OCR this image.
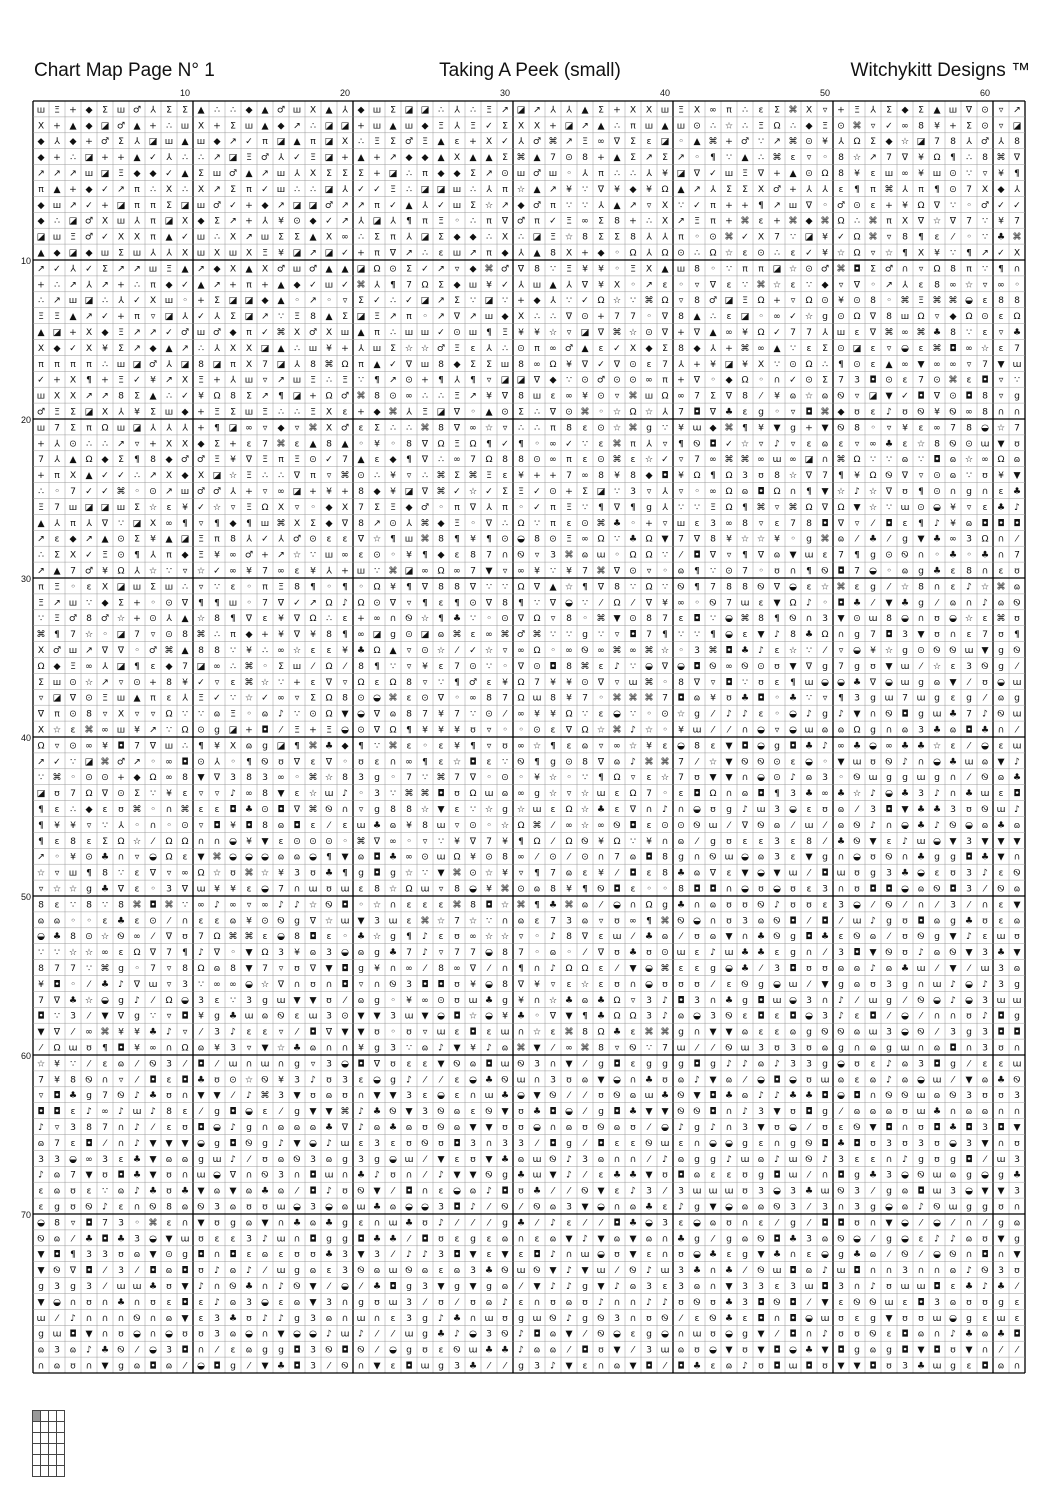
Chart Map Page N° 1	Taking A Peek (small)	Witchykitt Designs ™
ш Ξ + ◆ Σ ш ♂ ⅄ Σ Σ ▲ ∴ ∴ ◆ ▲ ♂ ш Χ ▲ ⅄ ◆ ш Σ ◪ ◪ ∴ ⅄ ∴ Ξ ↗ ◪ ↗ ⅄ ⅄ ▲ Σ + Χ Χ ш Ξ Χ ∞ π ∴ ɛ Σ ⌘ Χ ▿ + Ξ ⅄ Σ ◆ Σ ▲ ш ∇ ⊙ ▿ ↗
Χ + ▲ ◆ ◪ ♂ ▲ + ∴ ш Χ + Σ ш ▲ ◆ ↗ ∴ ◪ ◪ + ш ▲ ш ◆ Ξ ⅄ Ξ ✓ Σ Χ Χ + ◪ ↗ ▲ ∴ π ш ▲ ш ⊙ ∴ ☆ ∴ Ξ Ω ∴ ◆ Ξ ⊙ ⌘ ▿ ✓ ∞ 8 ¥ + Σ ⊙ ▿ ◪
◆ ⅄ ◆ + ♂ Σ ⅄ ◪ ш ▲ ш ◆ ↗ ✓ π ◪ ▲ π ◪ Χ ∴ Ξ Σ ♂ Ξ ▲ ɛ + Χ ✓ ⅄ ♂ ⌘ ↗ Ξ ∞ ∇ Σ ɛ ◪ ◦ ▲ ⌘ + ♂ ∵ ↗ ⌘ ⊙ ¥ ⅄ Ω Σ ◆ ☆ ◪ 7 8 ⅄ ♂ ⅄ 8
◆ + ∴ ◪ + + ▲ ✓ ⅄ ∴ ∴ ↗ ◪ Ξ ♂ ⅄ ✓ Ξ ◪ + ▲ + ↗ ◆ ◆ ▲ Χ ▲ ▲ Σ ⌘ ▲ 7 ⊙ 8 + ▲ Σ ↗ Σ ↗ ◦ ¶ ∵ ▲ ∴ ⌘ ɛ ▿ ◦ 8 ☆ ↗ 7 ∇ ¥ Ω ¶ ∴ 8 ⌘ ∇
↗ ↗ ↗ ш ◪ Ξ ◆ ◆ ✓ ▲ Σ ш ♂ ▲ ↗ ш ⅄ Χ Σ Σ Σ + ◪ ∴ π ◆ ◆ Σ ↗ ⊙ ш ♂ ш ◦ ⅄ π ∴ ∴ ⅄ ¥ ◪ ∇ ✓ ш Ξ ∇ + ▲ ⊙ Ω 8 ¥ ɛ ш ∞ ¥ ш ⊙ ∵ ▿ ¥ ¶
π ▲ + ◆ ✓ ↗ π ∴ Χ ∴ Χ ↗ Σ π ✓ ш ∴ ∴ ◪ ⅄ ✓ ✓ Ξ ∴ ◪ ◪ ш ∴ ⅄ π ☆ ▲ ↗ ¥ ∵ ∇ ¥ ◆ ¥ Ω ▲ ↗ ⅄ Σ Σ Χ ♂ + ⅄ ⅄ ɛ ¶ π ⌘ ⅄ π ¶ ⊙ 7 Χ ◆ ⅄
◆ ш ↗ ✓ + ◪ π π Σ ◪ ш ♂ ✓ + ◆ ↗ ◪ ◪ ♂ ↗ ↗ π ✓ ▲ ⅄ ✓ ш Σ ☆ ↗ ◆ ♂ π ∵ ∵ ⅄ ▲ ↗ ▿ Χ ∵ ✓ π + + ¶ ↗ ш ∇ ◦ ♂ ⊙ ɛ + ¥ Ω ∇ ∵ ◦ ♂ ✓ ✓
◆ ∴ ◪ ♂ Χ ш ⅄ π ◪ Χ ◆ Σ ↗ + ⅄ ¥ ⊙ ◆ ✓ ↗ ⅄ ◪ ⅄ ¶ π Ξ ◦ ∴ π ∇ ♂ π ✓ Ξ ∞ Σ 8 + ∴ Χ ↗ Ξ π + ⌘ ɛ + ⌘ ◆ ⌘ Ω ∴ ⌘ π Χ ∇ ☆ ∇ 7 ∵ ¥ 7
◪ ш Ξ ♂ ✓ Χ Χ π ▲ ✓ ш ∴ Χ ↗ ш Σ Σ ▲ Χ ∞ ∴ Σ π ⅄ ◪ Σ ◆ ◆ ∴ Χ ∴ ◪ Ξ ☆ 8 Σ Σ 8 ⅄ ⅄ π ◦ ⊙ ⌘ ✓ Χ 7 ∵ ◪ ¥ ✓ Ω ⌘ ▿ 8 ¶ ɛ ⁄ ◦ ∵ ♣ ⌘
▲ ◆ ◪ ◆ ш Σ ш ⅄ ⅄ Χ ш Χ ш Χ Ξ ¥ ◪ ↗ ◪ ✓ + π ∇ ↗ ∴ ɛ ш ↗ π ◆ ⅄ ▲ 8 Χ + ◆ ◦ Ω ⅄ Ω ⊙ ∴ Ω ☆ ɛ ⊙ ∴ ɛ ✓ ¥ ☆ Ω ▿ ☆ ¶ Χ ¥ ∵ ¶ ↗ ✓ Χ
↗ ✓ ⅄ ✓ Σ ↗ ↗ ш Ξ ▲ ↗ ◆ Χ ▲ Χ ♂ ш ♂ ▲ ▲ ◪ Ω ⊙ Σ ✓ ↗ ▿ ◆ ⌘ ♂ ∇ 8 ∵ Ξ ¥ ¥ ◦ Ξ Χ ▲ ш 8 ◦ ∵ π π ◪ ☆ ⊙ ♂ ⌘ ◘ Σ ♂ ∩ ▿ Ω 8 π ∵ ¶ ∩
+ ∴ ↗ ⅄ ↗ + ∴ π ◆ ✓ ▲ ↗ + π + ▲ ◆ ✓ ш ✓ ⌘ ⅄ ¶ 7 Ω Σ ◆ ш ¥ ✓ ⅄ ш ▲ ⅄ ∇ ¥ Χ ◦ ↗ ɛ ◦ ▿ ∇ ɛ ∵ ⌘ ☆ ɛ ∵ ◆ ▿ ∇ ◦ ↗ ⅄ ɛ 8 ∞ ☆ ▿ ∞ ◦
∴ ↗ ш ◪ ∴ ⅄ ✓ Χ ш ◦ + Σ ◪ ◪ ◆ ▲ ◦ ↗ ◦ ▿ Σ ✓ ∴ ✓ ◪ ↗ Σ ∵ ◪ ∵ + ◆ ⅄ ∵ ✓ Ω ☆ ∵ ⌘ Ω ▿ 8 ♂ ◪ Ξ Ω + ▿ Ω ⊙ ¥ ⊙ 8 ◦ ⌘ Ξ ⌘ ⌘ ◒ ɛ 8 8
Ξ Ξ ▲ ↗ ✓ + π ▿ ◪ ⅄ ✓ ⅄ Σ ◪ ↗ ∵ Ξ 8 ▲ Σ ◪ Ξ ↗ π ◦ ↗ ∇ ↗ ш ◆ Χ ∴ ∴ ∇ ⊙ + 7 7 ◦ ∇ 8 ▲ ∴ ɛ ◪ ◦ ∞ ✓ ☆ g ⊙ Ω ∇ 8 ш Ω ▿ ◆ Ω ⊙ ɛ Ω
▲ ◪ + Χ ◆ Ξ ↗ ↗ ✓ ♂ ш ♂ ◆ π ✓ ⌘ Χ ♂ Χ ш ▲ π ∴ ш ш ✓ ⊙ ш ¶ Ξ ¥ ¥ ☆ ▿ ◪ ∇ ⌘ ☆ ⊙ ∇ + ∇ ▲ ∞ ¥ Ω ✓ 7 7 ⅄ ш ɛ ∇ ⌘ ∞ ⌘ ♣ 8 ∵ ε ▿ ♣
Χ ◆ ✓ Χ ¥ Σ ↗ ◆ ▲ ↗ ∴ ⅄ Χ Χ ◪ ▲ ∴ ш ¥ + ⅄ ш Σ ☆ ☆ ♂ Ξ ɛ ⅄ ∴ ⊙ π ∞ ♂ ▲ ɛ ✓ Χ ◆ Σ 8 ◆ ⅄ + ⌘ ∞ ▲ ∵ ɛ Σ ⊙ ◪ ɛ ▿ ◒ ɛ ⌘ ◘ ∞ ☆ ε 7
π π π π ∴ ш ◪ ♂ ⅄ ◪ 8 ◪ π Χ 7 ◪ ⅄ 8 ⌘ Ω π ▲ ✓ ∇ ш 8 ◆ Σ Σ ш 8 ∞ Ω ¥ ∇ ✓ ∇ ⊙ ɛ 7 ⅄ + ¥ ◪ ¥ Χ ∵ ⊙ Ω ∴ ¶ ⊙ ɛ ▲ ∞ ▼ ∞ ∞ ▿ 7 ▼ ɯ
✓ + Χ ¶ + Ξ ✓ ¥ ↗ Χ Ξ + ⅄ ш ▿ ↗ ш Ξ ∴ Ξ ∵ ¶ ↗ ⊙ + ¶ ⅄ ¶ ▿ ◪ ◪ ∇ ◆ ∵ ⊙ ♂ ⊙ ⊙ ∞ π + ∇ ◦ ◆ Ω ◦ ∩ ✓ ⊙ Σ 7 3 ◘ ⊙ ɛ 7 ⊙ ⌘ ɛ ◘ ▿ ∵
ш Χ Χ ↗ ↗ 8 Σ ▲ ∴ ✓ ¥ Ω 8 Σ ↗ ¶ ◪ + Ω ♂ ⌘ 8 ⊙ ∞ ∴ ∴ Ξ ↗ ¥ ∇ 8 ш ɛ ∞ ¥ ⊙ ▿ ⌘ ш Ω ∞ 7 Σ ∇ 8 ⁄ ¥ ɷ ☆ ɷ Ꮻ ▿ ◪ ▼ ✓ ◘ ∇ ⊙ ◘ 8 ▿ g
♂ Ξ Σ ◪ Χ ⅄ ¥ Σ ш ◆ + Ξ Σ ш Ξ ∴ ∴ Ξ Χ ɛ + ◆ ⌘ ⅄ Ξ ◪ ∇ ◦ ▲ ⊙ Σ ∴ ∇ ⊙ ⌘ ◦ ☆ Ω ☆ ⅄ 7 ◘ ∇ ♣ ɛ g ◦ ▿ ◘ ⌘ ◆ ʊ ɛ ♪ ʊ Ꮻ ¥ Ꮻ ∞ 8 ∩ ∩
ш 7 Σ π Ω ш ◪ ⅄ ⅄ ⅄ + ¶ ◪ ∞ ▿ ◆ ▿ ⌘ Χ ♂ ɛ Σ ∴ ∴ ⌘ 8 ∇ ∞ ☆ ▿ ∴ ∴ π 8 ɛ ⊙ ☆ ⌘ g ∵ ¥ ɯ ◆ ⌘ ¶ ¥ ▼ g + ▼ Ꮻ 8 ◦ ▿ ¥ ε ∞ 7 8 ◒ ☆ 7
+ ⅄ ⊙ ∴ ∴ ↗ ▿ + Χ Χ ◆ Σ + ɛ 7 ⌘ ɛ ▲ 8 ▲ ◦ ¥ ◦ 8 ∇ Ω Ξ Ω ¶ ✓ ¶ ◦ ∞ ✓ ∵ ɛ ⌘ π ⅄ ▿ ¶ Ꮻ ◘ ✓ ☆ ▿ ♪ ▿ ε ɷ ɛ ▿ ∞ ♣ ε ☆ 8 Ꮻ ⊙ ɯ ▼ ʊ
7 ⅄ ▲ Ω ◆ Σ ¶ 8 ◆ ♂ ♂ Ξ ¥ ∇ Ξ π Ξ ⊙ ✓ 7 ▲ ɛ ◆ ¶ ∇ ∴ ∞ 7 Ω 8 8 ⊙ ∞ π ɛ ⊙ ⌘ ɛ ☆ ✓ ▿ 7 ∞ ⌘ ⌘ ∞ ɯ ∞ ◪ ∩ ⌘ Ω ∵ ∵ ɷ ∵ ◘ ɷ ☆ ∞ Ω ɷ
+ π Χ ▲ ✓ ✓ ∴ ↗ Χ ◆ Χ ◪ ☆ Ξ ∴ ∴ ∇ π ▿ ⌘ ⊙ ∴ ¥ ▿ ∴ ⌘ Σ ⌘ Ξ ɛ ¥ + + 7 ∞ 8 ¥ 8 ◆ ◘ ¥ Ω ¶ Ω 3 ʊ 8 ☆ ∇ 7 ¶ ¥ Ω Ꮻ ∇ ▿ ⊙ ɷ ∵ ʊ ¥ ▼
∴ ◦ 7 ✓ ✓ ⌘ ◦ ⊙ ↗ ш ♂ ♂ ⅄ + ▿ ∞ ◪ + ¥ + 8 ◆ ¥ ◪ ∇ ⌘ ✓ ☆ ✓ Σ Ξ ✓ ⊙ + Σ ◪ ∵ 3 ▿ ⅄ ▿ ◦ ∞ Ω ɷ ◘ Ω ∩ ¶ ▼ ☆ ♪ ☆ ∇ ʊ ¶ ⊙ ∩ g ∩ ε ♣
Ξ 7 ш ◪ ◪ ш Σ ☆ ɛ ¥ ✓ ☆ ▿ Ξ Ω Χ ▿ ◦ ◆ Χ 7 Σ Ξ ◆ ♂ ◦ π ∇ ⅄ π ◦ ✓ π Ξ ∵ ¶ ∇ ¶ g ⅄ ∵ ∵ Ξ Ω ¶ ⌘ ▿ ⌘ Ω ∇ Ω ▼ ☆ ∵ ɯ ⊙ ◒ ¥ ▿ ε ♣ ♪
▲ ⅄ π ⅄ ∇ ∵ ◪ Χ ∞ ¶ ▿ ¶ ◆ ¶ ш ⌘ Χ Σ ◆ ∇ 8 ↗ ⊙ ⅄ ⌘ ◆ Ξ ◦ ∇ ∴ Ω ∵ π ε ⊙ ⌘ ♣ ◦ + ▿ ш ɛ 3 ∞ 8 ▿ ɛ 7 8 ◘ ∇ ▿ ⁄ ◘ ε ¶ ♪ ¥ ɷ ◘ ◘ ◘
↗ ɛ ◆ ↗ ▲ ⊙ Σ ¥ ▲ ◪ Ξ π 8 ⅄ ✓ ⅄ ♂ ⊙ ɛ ɛ ∇ ☆ ¶ ш ⌘ 8 ¶ ¥ ¶ ⊙ ◒ 8 ⊙ Ξ ∞ Ω ∵ ♣ Ω ▼ 7 ∇ 8 ¥ ☆ ☆ ¥ ◦ g ⌘ ɷ ⁄ ♣ ⁄ g ▼ ♣ ∞ 3 Ω ∩ ⁄
∴ Σ Χ ✓ Ξ ⊙ ¶ ⅄ π ◆ Ξ ¥ ∞ ♂ + ↗ ☆ ∵ ш ∞ ɛ ⊙ ◦ ¥ ¶ ◆ ɛ 8 7 ∩ Ꮻ ▿ 3 ⌘ ɷ ɯ ◦ Ω Ω ∵ ⁄ ◘ ∇ ▿ ¶ ∇ ɷ ▼ ɯ ɛ 7 ¶ g ⊙ Ꮻ ∩ ◦ ♣ ◦ ♣ ∩ 7
↗ ▲ 7 ♂ ¥ Ω ⅄ ☆ ∵ ▿ ☆ ✓ ∞ ¥ 7 ∞ ɛ ¥ ⅄ + ш ∵ ⌘ ◪ ∞ Ω ∞ 7 ▼ ▿ ∞ ¥ ∵ ¥ 7 ⌘ ∇ ⊙ ▿ ◦ ɷ ¶ ∵ ⊙ 7 ◦ ʊ ∩ ¶ Ꮻ ◘ 7 ◒ ◦ ɷ g ♣ ε 8 ∩ ε ʊ
π Ξ ◦ ɛ Χ ◪ ш Σ ш ∴ ▿ ∵ ɛ ◦ π Ξ 8 ¶ ◦ ¶ ◦ Ω ¥ ¶ ∇ 8 8 ∇ ∵ ∵ Ω ∇ ▲ ☆ ¶ ∇ 8 ∵ Ω ∵ Ꮻ ¶ 7 8 8 Ꮻ ∇ ◒ ε ☆ ⌘ ε g ⁄ ☆ 8 ∩ ɛ ♪ ☆ ⌘ ɷ
Ξ ↗ ш ∵ ◆ Σ + ◦ ⊙ ∇ ¶ ¶ ш ◦ 7 ∇ ✓ ↗ Ω ♪ Ω ⊙ ∇ ▿ ¶ ɛ ¶ ⊙ ∇ 8 ¶ ∵ ∇ ◒ ∵ ⁄ Ω ⁄ ∇ ¥ ∞ ◦ Ꮻ 7 ɯ ε ▼ Ω ♪ ◦ ◘ ♣ ⁄ ▼ ♣ g ⁄ ɷ ∩ ♪ ɷ Ꮻ
∵ Ξ ♂ 8 ♂ ☆ + ⊙ ⅄ ▲ ☆ 8 ¶ ∇ ɛ ¥ ∇ Ω ∴ ɛ + ∞ ∩ Ꮻ ☆ ¶ ♣ ∵ ◦ ⊙ ∇ Ω ▿ 8 ◦ ⌘ ▼ ⊙ 8 7 ɛ ◘ ∵ ◒ ⌘ 8 ¶ Ꮻ ∩ 3 ▼ ⊙ ɯ 8 ◒ ∩ ʊ ◒ ☆ ɛ ⌘ ʊ
⌘ ¶ 7 ☆ ◦ ◪ 7 ▿ ⊙ 8 ⌘ ∴ π ◆ + ¥ ∇ ¥ 8 ¶ ∞ ◪ g ⊙ ◪ ɷ ⌘ ɛ ∞ ⌘ ♂ ⌘ ∵ ∵ g ∵ ▿ ◘ 7 ¶ ∵ ∵ ¶ ◒ ɛ ▼ ♪ 8 ♣ Ω ∩ g 7 ◘ 3 ▼ ʊ ∩ ε 7 ʊ ¶
Χ ♂ ш ↗ ∇ ∇ ◦ ♂ ⌘ ▲ 8 8 ∵ ¥ ∴ ∞ ☆ ɛ ɛ ¥ ♣ Ω ▲ ▿ ⊙ ☆ ⁄ ✓ ☆ ▿ ∞ Ω ◦ ∞ Ꮻ ∞ ⌘ ∞ ⌘ ☆ ◦ 3 ⌘ ◘ ♣ ♪ ε ☆ ∵ ⁄ ▿ ◒ ¥ ☆ g ⊙ Ꮻ Ꮻ ɯ ▼ g Ꮻ
Ω ◆ Ξ ∞ ⅄ ◪ ¶ ɛ ◆ 7 ◪ ∞ ∴ ⌘ ◦ Σ ш ⁄ Ω ⁄ 8 ¶ ∵ ▿ ¥ ɛ 7 ⊙ ∵ ◦ ∇ ⊙ ◘ 8 ⌘ ɛ ♪ ∵ ◒ ∇ ◒ ◘ Ꮻ ∞ Ꮻ ⊙ ʊ ▼ ∇ g 7 g ʊ ▼ ɯ ⁄ ☆ ε 3 Ꮻ g ⁄
Σ ш ⊙ ☆ ↗ ▿ ⊙ + 8 ¥ ✓ ▿ ɛ ⌘ ☆ ∵ + ɛ ∇ ▿ Ω ɛ Ω 8 ▿ ∵ ¶ ♂ ε ¥ Ω 7 ¥ ¥ ⊙ ∇ ▿ ɯ ⌘ ◦ 8 ∇ ▿ ◘ ∵ ʊ ε ¶ ɯ ◒ ◒ ♣ ∇ ◒ ɯ g ɷ ▼ ⁄ ʊ ◒ ɯ
▿ ◪ ∇ ⊙ Ξ ш ▲ π ɛ ⅄ Ξ ✓ ∵ ☆ ✓ ∞ ▿ Σ Ω 8 ⊙ ◒ ⌘ ε ⊙ ∇ ◦ ∞ 8 7 Ω ɯ 8 ¥ 7 ◦ ⌘ ⌘ ⌘ 7 ◘ ɷ ¥ ʊ ♣ ◘ ◦ ♣ ∵ ▿ ¶ 3 g ɯ 7 ɯ g ε g ⁄ ɷ g
∇ π ⊙ 8 ▿ Χ ▿ ▿ Ω ∵ ∵ ɷ Ξ ◦ ɷ ♪ ∵ ⊙ Ω ▼ ◒ ∇ ɷ 8 7 ¥ 7 ∵ ⊙ ⁄ ∞ ¥ ¥ Ω ∵ ɛ ◒ ∵ ◦ ⊙ ☆ g ⁄ ♪ ♪ ɛ ◦ ◒ ♪ g ♪ ▼ ∩ Ꮻ ◘ g ɯ ♣ 7 ♪ Ꮻ ɯ
Χ ☆ ɛ ⌘ ∞ ш ¥ ↗ ∵ Ω ⊙ g ◪ + ◘ ⁄ Ξ + Ξ ◒ ⊙ ∇ Ω ¶ ¥ ¥ ¥ ʊ ▿ ◦ ◦ ⊙ ɛ ∇ Ω ☆ ⌘ ♪ ☆ ◦ ¥ ɯ ⁄ ⁄ ∩ ◒ ▿ ◒ ɯ ɷ ɷ Ω g ∩ ɷ 3 ♣ ɷ ◘ ♣ ∩ ⁄
Ω ▿ ⊙ ∞ ¥ ◘ 7 ∇ ш ∴ ¶ ¥ Χ ɷ g ◪ ¶ ⌘ ♣ ◆ ¶ ∵ ⌘ ε ◦ ɛ ¥ ¶ ▿ ʊ ∞ ☆ ¶ ε ɷ ▿ ∞ ☆ ¥ ɛ ◒ 8 ε ▼ ◘ ◒ g ◘ ♣ ♪ ∞ ♣ ◒ ∞ ♣ ♣ ☆ ε ⁄ ◒ ε ɯ
↗ ✓ ∵ ◪ ⌘ ♂ ↗ ◦ ∞ ◘ ⊙ ⅄ ◦ ¶ Ꮻ ʊ ∇ ɛ ∇ ◦ ʊ ε ∩ ∞ ¶ ɛ ☆ ◘ ε ∵ Ꮻ ¶ g ⊙ 8 ∇ ɷ ♪ ⌘ ⌘ 7 ⁄ ☆ ▼ Ꮻ Ꮻ ⊙ ε ◒ ◦ ▼ ɯ ʊ Ꮻ ♪ ∩ ◒ ♣ ɯ ɷ ▼ ♪
∵ ⌘ ◦ ⊙ ⊙ + ◆ Ω ∞ 8 ▼ ∇ 3 8 3 ∞ ◦ ⌘ ☆ 8 3 g ◦ 7 ∵ ⌘ 7 ∇ ◦ ⊙ ◦ ¥ ☆ ◦ ∵ ¶ Ω ▿ ɛ ☆ 7 ʊ ▼ ▼ ∩ ◒ ⊙ ♪ ɷ 3 ◦ Ꮻ ɯ g g ɯ g ∩ ⁄ Ꮻ ɷ ♣
◪ ʊ 7 Ω ∇ ⊙ Σ ∵ ¥ ɛ ▿ ▿ ♪ ∞ 8 ▼ ɛ ☆ ɯ ♪ ◦ 3 ∵ ⌘ ⌘ ◘ ʊ Ω ɯ ɷ ∞ g ☆ ▿ ☆ ɯ ε Ω 7 ◦ ε ◘ Ω ∩ ɷ ◘ ¶ 3 ♣ ∞ ♣ ☆ ♪ ◒ ♣ 3 ♪ ∩ ♣ ɯ ε ◘
¶ ε ∴ ◆ ε ʊ ⌘ ◦ ∩ ⌘ ε ɛ ◘ ♣ ⊙ ◘ ∇ ⌘ Ꮻ ∩ ▿ g 8 8 ☆ ▼ ε ∵ ☆ g ☆ ɯ ɛ Ω ☆ ♣ ε ∇ ∩ ♪ ∩ ◒ ʊ g ♪ ɯ 3 ◒ ε ʊ ɷ ⁄ 3 ◘ ▼ ♣ ♣ 3 ʊ Ꮻ ɯ ♪
¶ ¥ ¥ ▿ ∵ ⅄ ◦ ∩ ◦ ⊙ ▿ ◘ ¥ ◘ 8 ɷ ◘ ɛ ⁄ ɛ ɯ ♣ ɷ ¥ 8 ɯ ▿ ⊙ ◦ ☆ Ω ⌘ ⁄ ∞ ☆ ∞ Ꮻ ◘ ɛ ⊙ ⊙ Ꮻ ɯ ⁄ ∇ Ꮻ ɷ ⁄ ɯ ⁄ ɷ Ꮻ ♪ ∩ ◒ ♣ ♪ Ꮻ ◒ ɷ ♣ ɷ
¶ ɛ 8 ε Σ Ω ☆ ⁄ Ω Ω ∩ ∩ ◒ ¥ ▼ ε ⊙ ⊙ ⊙ ◦ ⌘ ∇ ∞ ◦ ▿ ∵ ¥ ∇ 7 ¥ ¶ Ω ⁄ Ω Ꮻ ¥ Ω ∵ ¥ ∩ ɷ ⁄ g ʊ ɛ ε 3 ε 8 ⁄ ♣ Ꮻ ▼ ε ♪ ɯ ◒ ▼ 3 ▼ ▼ ▼
↗ ◦ ¥ ⊙ ♣ ∩ ▿ ◒ Ω ɛ ▼ ⌘ ◒ ◒ ◒ ɷ ɷ ◒ ¶ ▼ ɷ ◘ ♣ ∞ ⊙ ɯ Ω ¥ ⊙ 8 ∞ ⁄ ⊙ ⁄ ⊙ ∩ 7 ɷ ◘ 8 g ∩ Ꮻ ɯ ◒ ɷ 3 ɛ ▼ g ∩ ◒ ʊ Ꮻ ∩ ♣ g g ◘ ♣ ▼ ∩
☆ ▿ ш ¶ 8 ∵ ɛ ∇ ▿ ∞ Ω ☆ ʊ ⌘ ☆ ¥ 3 ʊ ♣ ¶ g ◘ g ☆ ∵ ▼ ⌘ ⊙ ☆ ¥ ▿ ¶ 7 ɷ ɛ ¥ ⁄ ◘ ε 8 ♣ ɷ ∇ ε ▼ ◒ ▼ ɯ ⁄ ◘ ɯ ʊ g 3 ♣ ◒ ε ʊ 3 ♪ ε Ꮻ
▿ ☆ ☆ g ♣ ∇ ɛ ◦ 3 ∇ ɯ ¥ ¥ ɛ ◒ 7 ∩ ɯ ʊ ɯ ɛ 8 ☆ Ω ɯ ▿ 8 ◒ ¥ ⌘ ⊙ ɷ 8 ¥ ¶ Ꮻ ◘ ε ◦ ◦ 8 ◘ ◘ ∩ ◒ ʊ ◒ ʊ ε 3 ∩ ʊ ◘ ◘ ◒ ɷ Ꮻ ◘ 3 ⁄ Ꮻ ɷ
8 ɛ ∵ 8 ∵ 8 ⌘ ◘ ⌘ ∵ ∞ ♪ ∞ ▿ ∞ ♪ ♪ ☆ Ꮻ ◘ ◦ ☆ ∩ ɛ ε ɛ ⌘ 8 ◘ ☆ ⌘ ¶ ♣ ⌘ ɷ ⁄ ◒ ∩ Ω g ♣ ∩ ɷ ʊ ʊ Ꮻ ♪ ʊ ʊ ε 3 ◒ ⁄ Ꮻ ⁄ ∩ ⁄ 3 ⁄ ∩ ε ▼
ɷ ɷ ◦ ◦ ɛ ♣ ε ⊙ ⁄ ∩ ɛ ɛ ɷ ¥ ⊙ Ꮻ g ∇ ☆ ɯ ▼ 3 ɯ ɛ ⌘ ☆ 7 ☆ ∵ ∩ ɷ ε 7 3 ɷ ▿ ʊ ∞ ¶ ⌘ Ꮻ ◒ ∩ ʊ 3 ɷ Ꮻ ◘ ⁄ ◘ ⁄ ɯ ♪ g ʊ ◘ ɷ g ♣ ʊ ε ɷ
◒ ♣ 8 ⊙ ☆ Ꮻ ∞ ⁄ ∇ ʊ 7 Ω ⌘ ⌘ ɛ ◒ 8 ◘ ɛ ◦ ♣ ☆ g ¶ ♪ ɛ ʊ ∞ ☆ ☆ ▿ ◦ ♪ 8 ∇ ɛ ɯ ⁄ ♣ ɷ ⁄ ʊ ɷ ▼ ∩ ♣ Ꮻ g ◘ ♣ ε Ꮻ ɷ ⁄ ʊ Ꮻ g ▼ ♪ ε ɯ ʊ
∵ ∵ ☆ ☆ ∞ ɛ Ω ∇ 7 ¶ ♪ ∇ ◦ ▼ Ω 3 ¥ ɷ 3 ◒ ɷ g ♣ 7 ♪ ▿ 7 7 ◒ 8 7 ◦ ɷ ◦ ⁄ ∇ ʊ ♣ ʊ ⊙ ɯ ε ♪ ɯ ♣ ♣ ε g ∩ ⁄ 3 ◘ ▼ Ꮻ ʊ ♪ ɷ Ꮻ ▼ 3 ♣ ▼
8 7 7 ∵ ⌘ g ◦ 7 ▿ 8 Ω ɷ 8 ▼ 7 ▿ ʊ ∇ ▼ ◘ g ¥ ∩ ∞ ⁄ 8 ∞ ∇ ⁄ ∩ ¶ ∩ ♪ Ω Ω ε ⁄ ▼ ◒ ⌘ ε ε g ◒ ♣ ⁄ 3 ◘ ʊ ʊ ɷ ɷ ♪ ɷ ♣ ɯ ⁄ ▼ ⁄ ɯ 3 ɷ
¥ ◘ ◦ ⁄ ♣ ♪ ∇ ɯ ▿ 3 ∵ ∞ ∞ ◒ ☆ ∇ ∩ ʊ ∩ ◘ ▿ ∩ Ꮻ 3 ◘ ◘ ʊ ¥ ◒ 8 ∇ ¥ ▿ ε ☆ ɛ ʊ ∩ ◒ ʊ ʊ ʊ ⁄ ε Ꮻ g ◒ ɯ ⁄ ▼ g ɷ ʊ 3 g ∩ ɯ ♪ ◒ ♪ 3 g
7 ∇ ♣ ☆ ◒ g ♪ ⁄ Ω ◒ 3 ɛ ∵ 3 g ɯ ▼ ▼ ʊ ⁄ ɷ g ◦ ¥ ∞ ⊙ ʊ ɯ ♣ g ¥ ∩ ☆ ♣ ɷ ♣ Ω ▿ 3 ♪ ◘ 3 ∩ ♣ g ◘ ɯ ◒ 3 ∩ ♪ ⁄ ɯ g ⁄ Ꮻ ◒ ♪ ◒ 3 ɯ ɯ
◘ ∵ 3 ⁄ ▼ ∇ g ∵ ▿ ◘ ¥ g ♣ ɯ ɷ Ꮻ ɛ ɯ 3 ⊙ ▼ ▼ 3 ɯ ▼ ◒ ◘ ☆ ◒ ¥ ♣ ◦ ∇ ▼ ¶ ♣ Ω Ω 3 ♪ ɷ ◒ 3 Ꮻ ε ◘ ε ◘ ◒ 3 ♪ ε ◘ ⁄ ◒ ⁄ ∩ ∩ ʊ ♪ ◘ g
▼ ∇ ⁄ ∞ ⌘ ¥ ¥ ♣ ♪ ▿ ⁄ 3 ♪ ε ε ▿ ⁄ ◘ ∇ ▼ ▼ ʊ ◦ ʊ ▿ ɯ ε ◘ ɛ ɯ ∩ ☆ ε ⌘ 8 Ω ♣ ɛ ⌘ ⌘ g ∩ ▼ ▼ ɷ ε ε ɷ g Ꮻ Ꮻ ɷ ɯ 3 ◒ Ꮻ ⁄ 3 g 3 ◘ ◘
⁄ Ω ɯ ʊ ¶ ◘ ¥ ∞ ∩ Ω ɷ ¥ 3 ▿ ▼ ☆ ♣ ɷ ∩ ∩ ¥ g 3 ∵ ɷ ♪ ▼ ¥ ♪ ɷ ⌘ ▼ ⁄ ∞ ⌘ 8 ▿ Ꮻ ∵ 7 ɯ ⁄ ⁄ Ꮻ ɯ 3 ʊ 3 ʊ ɷ g ∩ ɷ g ɯ ∩ ɷ ◘ ∩ 3 ʊ ∩
☆ ¥ ∵ ⁄ ε ɷ ⁄ Ꮻ 3 ⁄ ◘ ⁄ ɯ ∩ ɯ ∩ g ▿ 3 ◒ ◘ ∇ ʊ ε ε ▼ Ꮻ ɷ ◘ ɯ Ꮻ 3 ∩ ▼ ⁄ g ◘ ε g g g ◘ g ♪ ♪ ɷ ♪ 3 3 g ◒ ʊ ε ♪ ɷ 3 ◘ g ⁄ ε ε ɯ
7 ¥ 8 Ꮻ ∩ ▿ ⁄ ◘ ε ◘ ♣ ʊ ⊙ ☆ Ꮻ ¥ 3 ♪ ʊ 3 ɛ ◒ g ♪ ⁄ ⁄ ε ◒ ♣ Ꮻ ɯ ∩ 3 ʊ ɷ ▼ ◒ ∩ ♣ ʊ ɷ ♪ ▼ ɷ ⁄ ◒ ◘ ◒ ʊ ɯ ɷ ε ɷ ♪ ɷ ◒ ɯ ⁄ ▼ ɷ ♣ Ꮻ
▿ ◘ ♣ g 7 Ꮻ ♪ ♣ ʊ ∩ ▼ ▼ ⁄ ♪ ⌘ 3 ▼ ʊ ɷ ʊ ∩ ▼ ▼ 3 ε ◒ ε ∩ ɯ ♣ ◒ ▼ Ꮻ ⁄ ⁄ ʊ Ꮻ ɷ ɯ ♣ Ꮻ ▼ ◘ ♣ ɷ ♪ ♪ ♣ ♣ ◘ ◒ ◘ ∩ Ꮻ Ꮻ ɯ ɷ Ꮻ 3 ʊ ʊ 3
◘ ◘ ε ♪ ∞ ♪ ɯ ♪ 8 ε ⁄ g ◘ ◒ ε ⁄ g ▼ ▼ ⌘ ♪ ♣ Ꮻ ▼ 3 Ꮻ ɷ ε Ꮻ ▼ ʊ ♣ ◘ ◒ ⁄ g ◘ ♣ ▼ ▼ Ꮻ Ꮻ ◘ ∩ ♪ 3 ▼ ʊ ◘ g ⁄ ɷ ɷ ɷ ʊ ɯ ♣ ∩ ɷ ɷ ∩ ∩
♪ ▿ 3 8 7 ∩ ♪ ⁄ ε ʊ ◘ ◒ ♪ g ∩ ɷ ɷ ɷ ♣ ∇ ♪ ɷ ♣ ɷ ʊ Ꮻ ɷ ▼ ▼ ʊ ʊ ◒ ∩ ɷ ʊ Ꮻ ɷ ʊ ⁄ ◒ ♪ g ♪ ∩ 3 ▼ ʊ ◒ ⁄ ʊ ε Ꮻ ▼ ◘ ∩ ʊ ◘ ♣ ◘ 3 ◘ ▼
ɷ 7 ε ◘ ⁄ ∩ ♪ ▼ ▼ ▼ ◒ g ◘ Ꮻ g ♪ ▼ ◒ ♪ ɯ ε 3 ε ʊ Ꮻ ʊ ◘ 3 ∩ 3 3 ⁄ ◘ g ⁄ ◘ ε ε Ꮻ ɯ ε ∩ ◒ ◒ g ε ∩ g Ꮻ ◘ ♣ ◘ ʊ 3 ʊ 3 ʊ ◒ 3 ▼ ∩ ʊ
3 3 ◒ ∞ 3 ɛ ♣ ▼ ɷ ɷ g ɯ ♪ ⁄ ʊ ɷ Ꮻ 3 ɷ g 3 g ◒ ɯ ⁄ ▼ ε ʊ ▼ ♣ ɷ ɯ Ꮻ ♪ 3 ɷ ∩ ∩ ⁄ ♪ ɷ g g ♪ ɯ ɷ ♪ ɯ Ꮻ ♪ 3 ε ε ∩ ♪ g ʊ g ◘ ⁄ ɯ 3
♪ ɷ 7 ▼ ʊ ◘ ♣ ▼ ʊ ∩ ɯ ◒ ∇ ∩ Ꮻ 3 ∩ ◘ ɯ ∩ ♣ ♪ ʊ ∩ ⁄ ♪ ▼ ▼ Ꮻ g ♣ ɯ ▼ ♪ ⁄ ε ♣ ♣ ▼ ʊ ◘ ɷ ε ε ʊ g ◘ ɯ ⁄ ∩ ◘ g ♣ 3 ◒ Ꮻ ɯ ɷ g ◒ g ♣
ɛ ɷ ʊ ɛ ∵ ɷ ♪ ♣ ʊ ♣ ▼ ɷ ▼ ɷ ♣ ɷ ⁄ ◘ ♪ ʊ Ꮻ ▼ ⁄ ◘ ∩ ε ◒ ɷ ♪ ◘ ʊ ♣ ⁄ ⁄ Ꮻ ▼ ε ♪ 3 ⁄ 3 ɯ ɯ ɯ ʊ 3 ◒ 3 ♣ ɯ Ꮻ 3 ⁄ g ɷ ◘ ɯ 3 ◒ ▼ ▼ 3
ε g ʊ Ꮻ ♪ ε ∩ Ꮻ 8 ɷ Ꮻ 3 ɷ ʊ ʊ ɯ ◒ 3 ◒ ɷ ɯ ♣ ɷ ◒ ◒ 3 ◘ ♪ ⁄ Ꮻ ⁄ Ꮻ ɷ 3 ▼ ◒ ∩ ɷ ♣ ε ♪ g ▼ ◒ ɷ ɷ Ꮻ 3 ⁄ 3 ∩ 3 g ◒ ɷ ♪ Ꮻ ɯ g g ʊ ∩
◒ 8 ▿ ◘ 7 3 ◦ ⌘ ε ∩ ▼ ʊ g ɷ ▼ ∩ ♣ ɷ ♣ g ε ∩ ɯ ♣ ʊ ♪ ⁄ ⁄ ⁄ g ♣ ⁄ ♪ ε ⁄ ⁄ ◘ ♣ ◒ 3 ε ◒ ɷ ʊ ∩ ε ⁄ g ⁄ ◘ ◘ ʊ ∩ ▼ ◒ ⁄ ◒ ⁄ ∩ ⁄ g ɷ
Ꮻ ɷ ⁄ ♣ ◘ ♣ 3 ◒ ▼ ɯ ʊ ε ε 3 ♪ ɯ ∩ ◘ g g ◘ ♣ ♣ ⁄ ◘ ʊ ε g ε ɷ ∩ ε ɷ ▼ ♪ ▼ ɷ ▼ ɷ ∩ ♣ g ⁄ g ɷ Ꮻ ◘ ♣ 3 ɷ Ꮻ ◒ ⁄ g ◒ ε ♪ ♪ ɷ ʊ ▼ g
▼ ◘ ¶ 3 3 ʊ ɷ ▼ ⊙ g ◘ ∩ ◘ ε ɷ ε ʊ ʊ ♣ 3 ▼ 3 ⁄ ♪ ♪ 3 ◘ ▼ ε ▼ ε ◘ ♪ ∩ ɯ ◒ ʊ ▼ ε ∩ ʊ ◒ ♣ ε g ▼ ♣ ∩ ε ◒ g ♣ ɷ ⁄ Ꮻ ⁄ ◒ Ꮻ ∩ ◘ ∩ ▼
▼ Ꮻ ∇ ◘ ⁄ 3 ⁄ ◘ ɷ ◘ ʊ ♪ ɷ ♪ ⁄ ɯ g ɷ ε 3 Ꮻ ɷ ɯ Ꮻ ɷ ε ɷ 3 ♣ Ꮻ ɯ Ꮻ ▼ ♪ ▼ ɯ ⁄ Ꮻ ♪ ɯ 3 ♣ ∩ ♣ ⁄ Ꮻ ɯ ◘ ɷ ♪ ɯ ◘ ∩ ∩ 3 ∩ ∩ ɷ ♪ Ꮻ 3 ʊ
g 3 g 3 ⁄ ɯ ɯ ♣ ʊ ▼ ♪ ∩ Ꮻ ♣ ∩ ♪ Ꮻ ▼ ⁄ ◒ ⁄ ♣ ◘ g 3 ▼ g ▼ g ɷ ⁄ ▼ ♪ ♪ g ▼ ♪ ɷ 3 ε 3 ɷ ∩ ▼ 3 3 ε 3 ɯ ◘ 3 ∩ ♪ ʊ ɯ ɯ ◘ ε ♣ ♪ ♣ ⁄
▼ ◒ ∩ ʊ ∩ ♣ ∩ ʊ ε ◘ ε ♪ ɷ 3 ◒ ε ɷ ▼ 3 ∩ g ʊ ɯ 3 ⁄ ʊ ⁄ ʊ ɷ ♪ ε ∩ ʊ ɷ ʊ ♪ ∩ ∩ ♪ ♪ ʊ Ꮻ ʊ ♣ 3 ◘ Ꮻ ◘ ⁄ ▼ ε Ꮻ Ꮻ ɯ ε ◘ 3 ɷ ʊ ʊ g ε
ɯ ⁄ ♪ ∩ ∩ ∩ Ꮻ ∩ ɷ ▼ ε 3 ♣ ʊ ♪ ♪ g 3 ɷ ∩ ɯ ∩ ε 3 g ♪ ♣ ∩ ɯ ʊ g ɯ Ꮻ ♪ g Ꮻ 3 ∩ ʊ Ꮻ ⁄ ε Ꮻ ♣ ε ◘ ∩ ◘ ◒ ɯ ʊ ε g ▼ ʊ ʊ ɯ ◒ g ε ɯ ε
g ɯ ◘ ▼ ∩ ʊ ◒ ∩ ◒ ʊ ʊ 3 ɷ ◒ ∩ ▼ ◒ ◒ ♪ ɯ ♪ ⁄ ⁄ ɯ g ♣ ♪ ◒ 3 Ꮻ ♪ ◘ ɷ ▼ ⁄ Ꮻ ◒ ε g ◒ ∩ ɯ ʊ ◒ g ▼ ⁄ ◘ ∩ ♪ ʊ ʊ Ꮻ ε ◘ ɷ ∩ ♪ ♣ ɷ ♣ ◘
ɷ 3 ɷ ♪ ♣ Ꮻ ⁄ ◒ 3 ◘ ∩ ⁄ ε ɷ g g ◘ 3 Ꮻ ◘ Ꮻ ⁄ ◒ g ʊ ε Ꮻ ɯ ♣ ♣ ♪ ɷ ɷ ⁄ ◘ ʊ ▼ ⁄ 3 ɯ ɷ ʊ ◒ ▼ ʊ ▼ ◘ ◒ ♣ ▼ ◘ g ɷ g ◘ ▼ ◘ ʊ ▼ ∩ ⁄ ⁄
∩ ɷ ʊ ∩ ▼ g ɷ ◘ ɷ ⁄ ◒ ◘ g ⁄ ▼ ♣ ◘ 3 ⁄ Ꮻ ∩ ▼ ε ◘ ɯ g 3 ♣ ⁄ ⁄ g 3 ♪ ▼ ε ∩ ɷ ▼ ◘ ⁄ ◘ ♣ ε ɷ ♪ ʊ ◘ ɯ ◘ ʊ ▼ ▼ ◘ ʊ 3 ♣ ɯ g ε ◘ ɷ ∩
10	20	30	40	50	60
10
20
30
40
50
60
70
